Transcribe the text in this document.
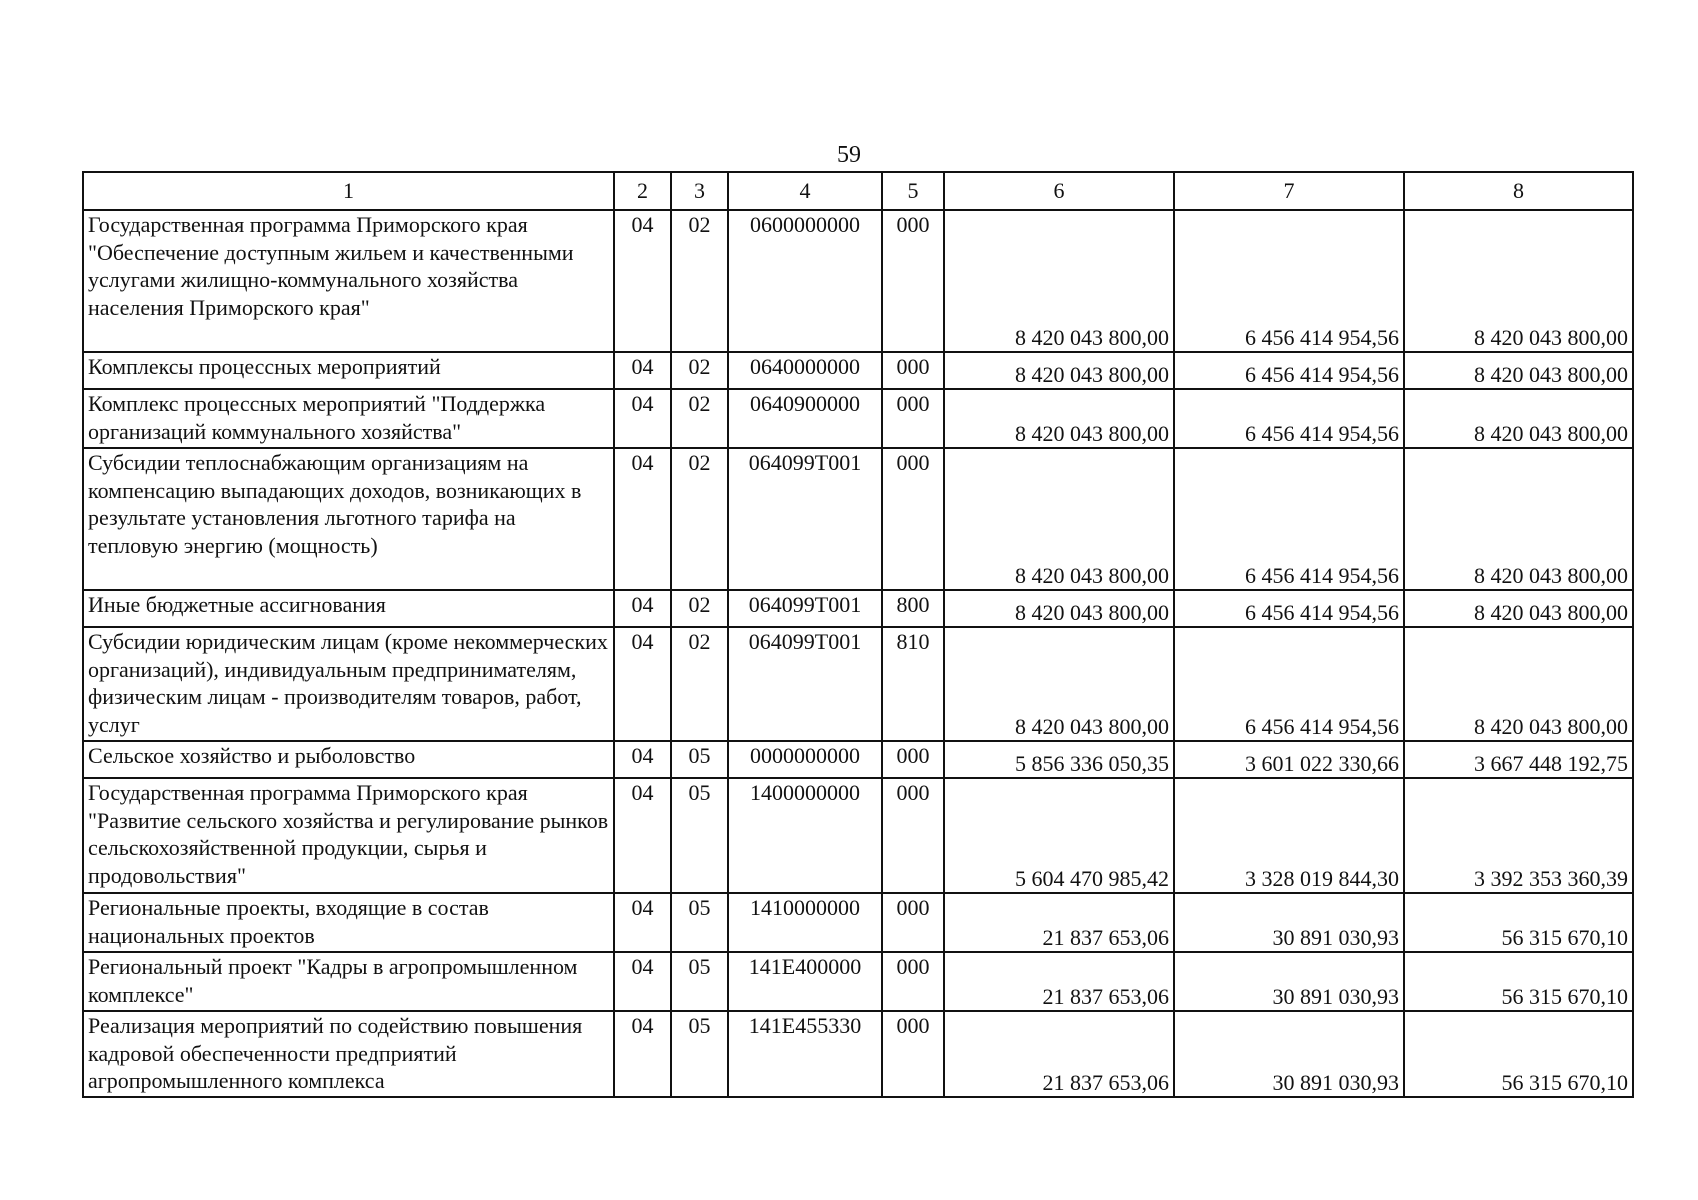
59
1	2	3	4	5	6	7	8
Государственная программа Приморского края "Обеспечение доступным жильем и качественными услугами жилищно-коммунального хозяйства населения Приморского края"	04	02	0600000000	000	8 420 043 800,00	6 456 414 954,56	8 420 043 800,00
Комплексы процессных мероприятий	04	02	0640000000	000	8 420 043 800,00	6 456 414 954,56	8 420 043 800,00
Комплекс процессных мероприятий "Поддержка организаций коммунального хозяйства"	04	02	0640900000	000	8 420 043 800,00	6 456 414 954,56	8 420 043 800,00
Субсидии теплоснабжающим организациям на компенсацию выпадающих доходов, возникающих в результате установления льготного тарифа на тепловую энергию (мощность)	04	02	064099Т001	000	8 420 043 800,00	6 456 414 954,56	8 420 043 800,00
Иные бюджетные ассигнования	04	02	064099Т001	800	8 420 043 800,00	6 456 414 954,56	8 420 043 800,00
Субсидии юридическим лицам (кроме некоммерческих организаций), индивидуальным предпринимателям, физическим лицам - производителям товаров, работ, услуг	04	02	064099Т001	810	8 420 043 800,00	6 456 414 954,56	8 420 043 800,00
Сельское хозяйство и рыболовство	04	05	0000000000	000	5 856 336 050,35	3 601 022 330,66	3 667 448 192,75
Государственная программа Приморского края "Развитие сельского хозяйства и регулирование рынков сельскохозяйственной продукции, сырья и продовольствия"	04	05	1400000000	000	5 604 470 985,42	3 328 019 844,30	3 392 353 360,39
Региональные проекты, входящие в состав национальных проектов	04	05	1410000000	000	21 837 653,06	30 891 030,93	56 315 670,10
Региональный проект "Кадры в агропромышленном комплексе"	04	05	141Е400000	000	21 837 653,06	30 891 030,93	56 315 670,10
Реализация мероприятий по содействию повышения кадровой обеспеченности предприятий агропромышленного комплекса	04	05	141Е455330	000	21 837 653,06	30 891 030,93	56 315 670,10
